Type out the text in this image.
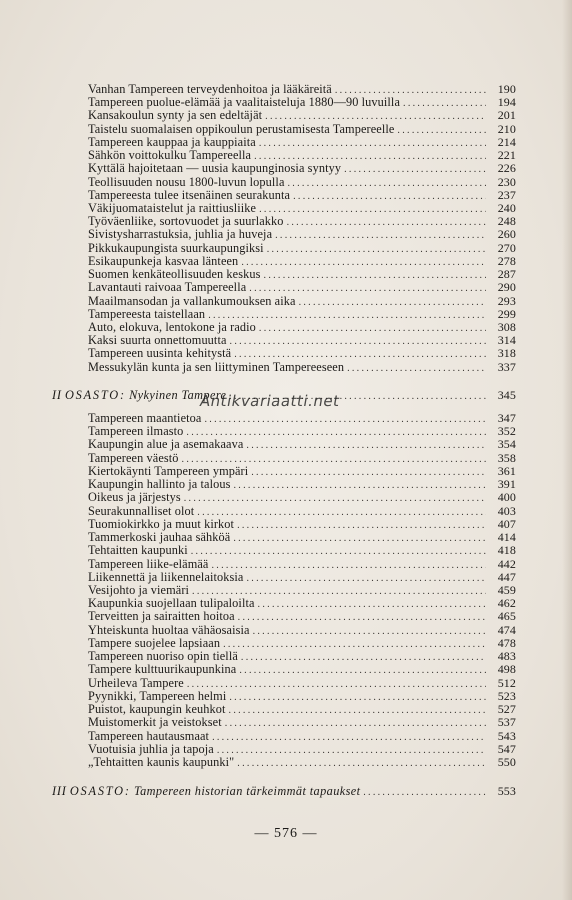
Vanhan Tampereen terveydenhoitoa ja lääkäreitä .....	190
Tampereen puolue-elämää ja vaalitaisteluja 1880—90 luvuilla .....	194
Kansakoulun synty ja sen edeltäjät .....	201
Taistelu suomalaisen oppikoulun perustamisesta Tampereelle .....	210
Tampereen kauppaa ja kauppiaita .....	214
Sähkön voittokulku Tampereella .....	221
Kyttälä hajoitetaan — uusia kaupunginosia syntyy .....	226
Teollisuuden nousu 1800-luvun lopulla .....	230
Tampereesta tulee itsenäinen seurakunta .....	237
Väkijuomataistelut ja raittiusliike .....	240
Työväenliike, sortovuodet ja suurlakko .....	248
Sivistysharrastuksia, juhlia ja huveja .....	260
Pikkukaupungista suurkaupungiksi .....	270
Esikaupunkeja kasvaa länteen .....	278
Suomen kenkäteollisuuden keskus .....	287
Lavantauti raivoaa Tampereella .....	290
Maailmansodan ja vallankumouksen aika .....	293
Tampereesta taistellaan .....	299
Auto, elokuva, lentokone ja radio .....	308
Kaksi suurta onnettomuutta .....	314
Tampereen uusinta kehitystä .....	318
Messukylän kunta ja sen liittyminen Tampereeseen .....	337
II OSASTO: Nykyinen Tampere .....	345
Tampereen maantietoa .....	347
Tampereen ilmasto .....	352
Kaupungin alue ja asemakaava .....	354
Tampereen väestö .....	358
Kiertokäynti Tampereen ympäri .....	361
Kaupungin hallinto ja talous .....	391
Oikeus ja järjestys .....	400
Seurakunnalliset olot .....	403
Tuomiokirkko ja muut kirkot .....	407
Tammerkoski jauhaa sähköä .....	414
Tehtaitten kaupunki .....	418
Tampereen liike-elämää .....	442
Liikennettä ja liikennelaitoksia .....	447
Vesijohto ja viemäri .....	459
Kaupunkia suojellaan tulipaloilta .....	462
Terveitten ja sairaitten hoitoa .....	465
Yhteiskunta huoltaa vähäosaisia .....	474
Tampere suojelee lapsiaan .....	478
Tampereen nuoriso opin tiellä .....	483
Tampere kulttuurikaupunkina .....	498
Urheileva Tampere .....	512
Pyynikki, Tampereen helmi .....	523
Puistot, kaupungin keuhkot .....	527
Muistomerkit ja veistokset .....	537
Tampereen hautausmaat .....	543
Vuotuisia juhlia ja tapoja .....	547
„Tehtaitten kaunis kaupunki" .....	550
III OSASTO: Tampereen historian tärkeimmät tapaukset .....	553
Antikvariaatti.net
— 576 —
